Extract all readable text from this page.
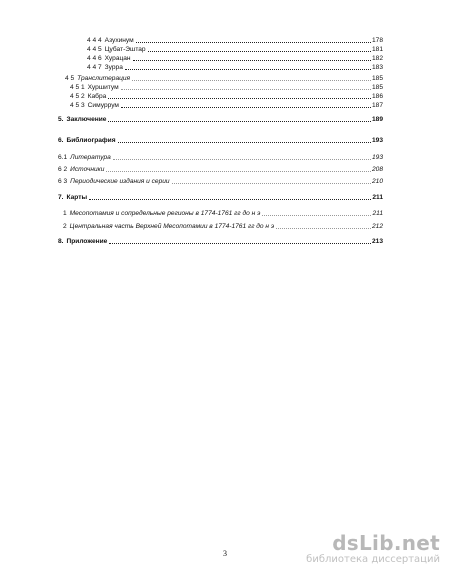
4 4 4 Азухинум	178
4 4 5 Цубат-Эштар	181
4 4 6 Хурацан	182
4 4 7 Зурра	183
4 5 Транслитерация	185
4 5 1 Хуршитум	185
4 5 2 Кабра	186
4 5 3 Симуррум	187
5. Заключение	189
6. Библиография	193
6.1 Литература	193
6 2 Источники	208
6 3 Периодические издания и серии	210
7. Карты	211
1 Месопотамия и сопредельные регионы в 1774-1761 гг до н э	211
2 Центральная часть Верхней Месопотамии в 1774-1761 гг до н э	212
8. Приложение	213
3	dsLib.net
библиотека диссертаций
